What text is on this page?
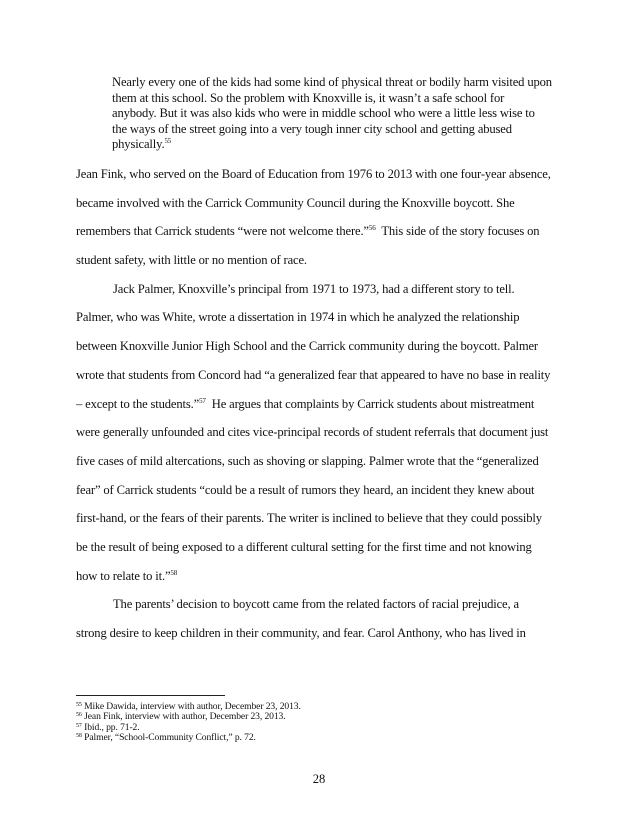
Nearly every one of the kids had some kind of physical threat or bodily harm visited upon
them at this school. So the problem with Knoxville is, it wasn’t a safe school for
anybody. But it was also kids who were in middle school who were a little less wise to
the ways of the street going into a very tough inner city school and getting abused
physically.$^{55}$
Jean Fink, who served on the Board of Education from 1976 to 2013 with one four-year absence,
became involved with the Carrick Community Council during the Knoxville boycott. She
remembers that Carrick students “were not welcome there.”$^{56}$  This side of the story focuses on
student safety, with little or no mention of race.
Jack Palmer, Knoxville’s principal from 1971 to 1973, had a different story to tell.
Palmer, who was White, wrote a dissertation in 1974 in which he analyzed the relationship
between Knoxville Junior High School and the Carrick community during the boycott. Palmer
wrote that students from Concord had “a generalized fear that appeared to have no base in reality
– except to the students.”$^{57}$  He argues that complaints by Carrick students about mistreatment
were generally unfounded and cites vice-principal records of student referrals that document just
five cases of mild altercations, such as shoving or slapping. Palmer wrote that the “generalized
fear” of Carrick students “could be a result of rumors they heard, an incident they knew about
first-hand, or the fears of their parents. The writer is inclined to believe that they could possibly
be the result of being exposed to a different cultural setting for the first time and not knowing
how to relate to it.”$^{58}$
The parents’ decision to boycott came from the related factors of racial prejudice, a
strong desire to keep children in their community, and fear. Carol Anthony, who has lived in
$^{55}$ Mike Dawida, interview with author, December 23, 2013.
$^{56}$ Jean Fink, interview with author, December 23, 2013.
$^{57}$ Ibid., pp. 71-2.
$^{58}$ Palmer, “School-Community Conflict,” p. 72.
28
